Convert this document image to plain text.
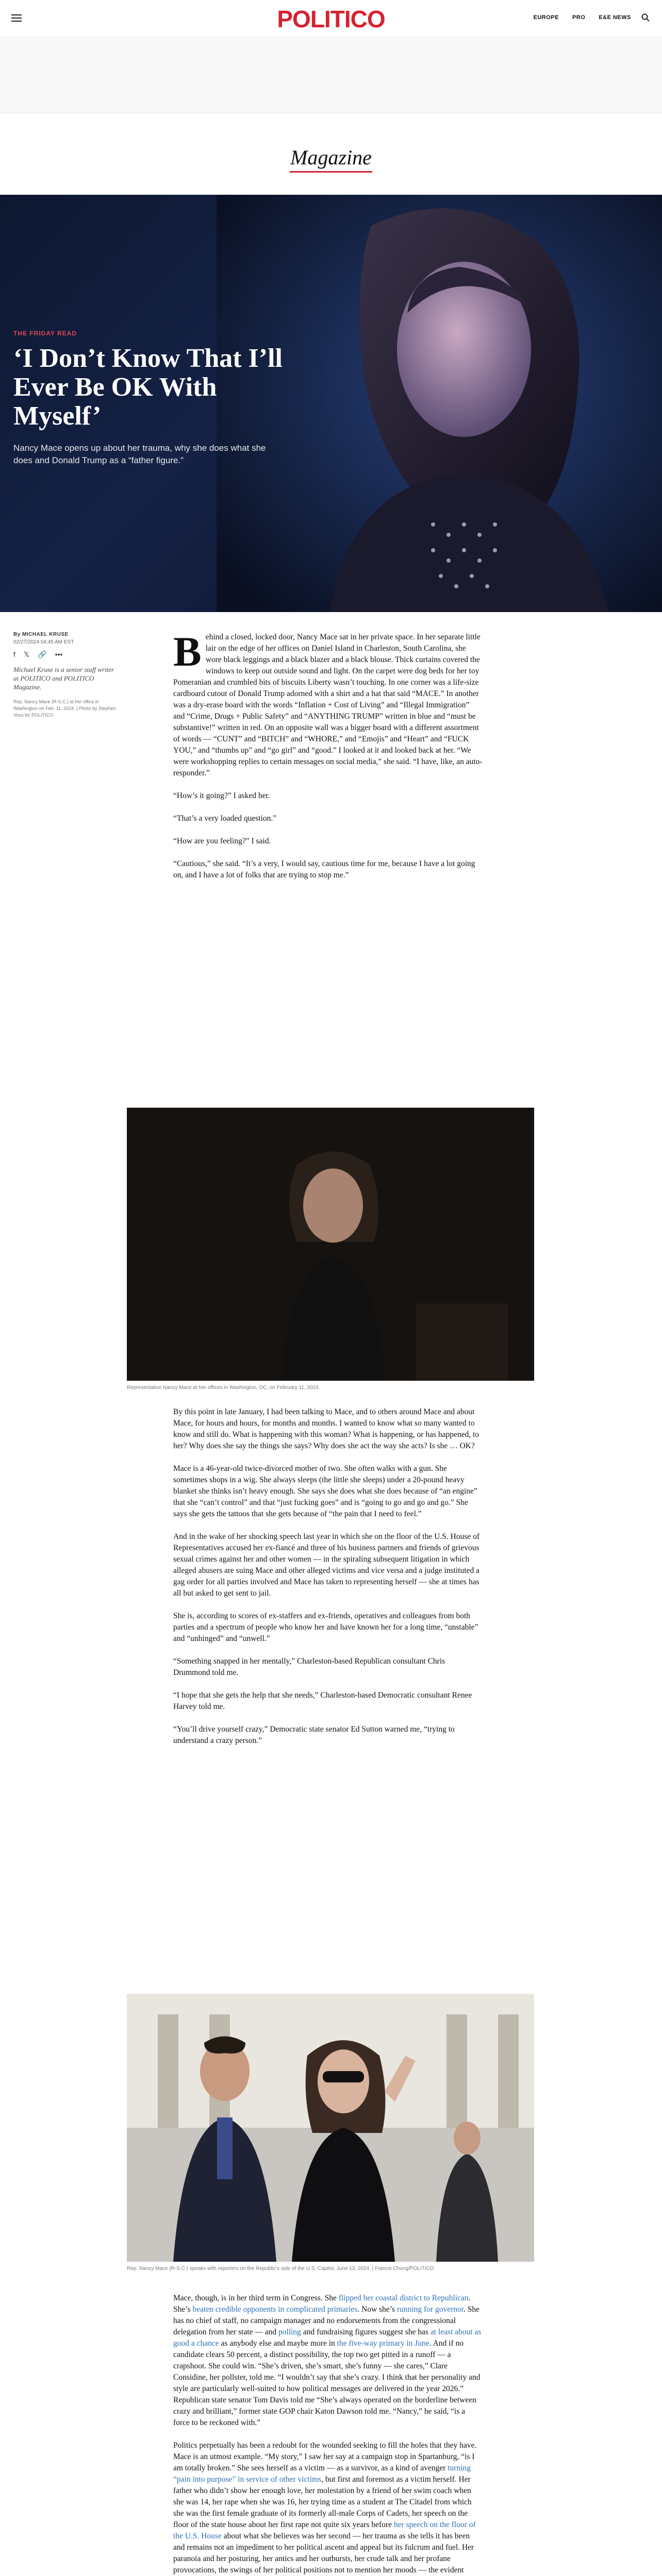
POLITICO	EUROPE PRO E&E NEWS
Magazine
THE FRIDAY READ
‘I Don’t Know That I’ll Ever Be OK With Myself’
Nancy Mace opens up about her trauma, why she does what she does and Donald Trump as a “father figure.”
By MICHAEL KRUSE
02/27/2024 04:45 AM EST
f 𝕏 🔗 •••
Michael Kruse is a senior staff writer at POLITICO and POLITICO Magazine.
Rep. Nancy Mace (R-S.C.) at her office in Washington on Feb. 11, 2024. | Photo by Stephen Voss for POLITICO

Behind a closed, locked door, Nancy Mace sat in her private space. In her separate little lair on the edge of her offices on Daniel Island in Charleston, South Carolina, she wore black leggings and a black blazer and a black blouse. Thick curtains covered the windows to keep out outside sound and light. On the carpet were dog beds for her toy Pomeranian and crumbled bits of biscuits Liberty wasn’t touching. In one corner was a life-size cardboard cutout of Donald Trump adorned with a shirt and a hat that said “MACE.” In another was a dry-erase board with the words “Inflation + Cost of Living” and “Illegal Immigration” and “Crime, Drugs + Public Safety” and “ANYTHING TRUMP” written in blue and “must be substantive!” written in red. On an opposite wall was a bigger board with a different assortment of words — “CUNT” and “BITCH” and “WHORE,” and “Emojis” and “Heart” and “FUCK YOU,” and “thumbs up” and “go girl” and “good.” I looked at it and looked back at her. “We were workshopping replies to certain messages on social media,” she said. “I have, like, an auto-responder.”

“How’s it going?” I asked her.

“That’s a very loaded question.”

“How are you feeling?” I said.

“Cautious,” she said. “It’s a very, I would say, cautious time for me, because I have a lot going on, and I have a lot of folks that are trying to stop me.”

Representative Nancy Mace at her offices in Washington, DC, on February 11, 2024.

By this point in late January, I had been talking to Mace, and to others around Mace and about Mace, for hours and hours, for months and months. I wanted to know what so many wanted to know and still do. What is happening with this woman? What is happening, or has happened, to her? Why does she say the things she says? Why does she act the way she acts? Is she … OK?

Mace is a 46-year-old twice-divorced mother of two. She often walks with a gun. She sometimes shops in a wig. She always sleeps (the little she sleeps) under a 20-pound heavy blanket she thinks isn’t heavy enough. She says she does what she does because of “an engine” that she “can’t control” and that “just fucking goes” and is “going to go and go and go.” She says she gets the tattoos that she gets because of “the pain that I need to feel.”

And in the wake of her shocking speech last year in which she on the floor of the U.S. House of Representatives accused her ex-fiancé and three of his business partners and friends of grievous sexual crimes against her and other women — in the spiraling subsequent litigation in which alleged abusers are suing Mace and other alleged victims and vice versa and a judge instituted a gag order for all parties involved and Mace has taken to representing herself — she at times has all but asked to get sent to jail.

She is, according to scores of ex-staffers and ex-friends, operatives and colleagues from both parties and a spectrum of people who know her and have known her for a long time, “unstable” and “unhinged” and “unwell.”

“Something snapped in her mentally,” Charleston-based Republican consultant Chris Drummond told me.

“I hope that she gets the help that she needs,” Charleston-based Democratic consultant Renee Harvey told me.

“You’ll drive yourself crazy,” Democratic state senator Ed Sutton warned me, “trying to understand a crazy person.”

Rep. Nancy Mace (R-S.C.) speaks with reporters on the Republic’s side of the U.S. Capitol, June 13, 2024. | Francis Chung/POLITICO

Mace, though, is in her third term in Congress. She flipped her coastal district to Republican. She’s beaten credible opponents in complicated primaries. Now she’s running for governor. She has no chief of staff, no campaign manager and no endorsements from the congressional delegation from her state — and polling and fundraising figures suggest she has at least about as good a chance as anybody else and maybe more in the five-way primary in June. And if no candidate clears 50 percent, a distinct possibility, the top two get pitted in a runoff — a crapshoot. She could win. “She’s driven, she’s smart, she’s funny — she cares,” Clare Considine, her pollster, told me. “I wouldn’t say that she’s crazy. I think that her personality and style are particularly well-suited to how political messages are delivered in the year 2026.” Republican state senator Tom Davis told me “She’s always operated on the borderline between crazy and brilliant,” former state GOP chair Katon Dawson told me. “Nancy,” he said, “is a force to be reckoned with.”

Politics perpetually has been a redoubt for the wounded seeking to fill the holes that they have. Mace is an utmost example. “My story,” I saw her say at a campaign stop in Spartanburg, “is I am totally broken.” She sees herself as a victim — as a survivor, as a kind of avenger turning “pain into purpose” in service of other victims, but first and foremost as a victim herself. Her father who didn’t show her enough love, her molestation by a friend of her swim coach when she was 14, her rape when she was 16, her trying time as a student at The Citadel from which she was the first female graduate of its formerly all-male Corps of Cadets, her speech on the floor of the state house about her first rape not quite six years before her speech on the floor of the U.S. House about what she believes was her second — her trauma as she tells it has been and remains not an impediment to her political ascent and appeal but its fulcrum and fuel. Her paranoia and her posturing, her antics and her outbursts, her crude talk and her profane provocations, the swings of her political positions not to mention her moods — the evident
